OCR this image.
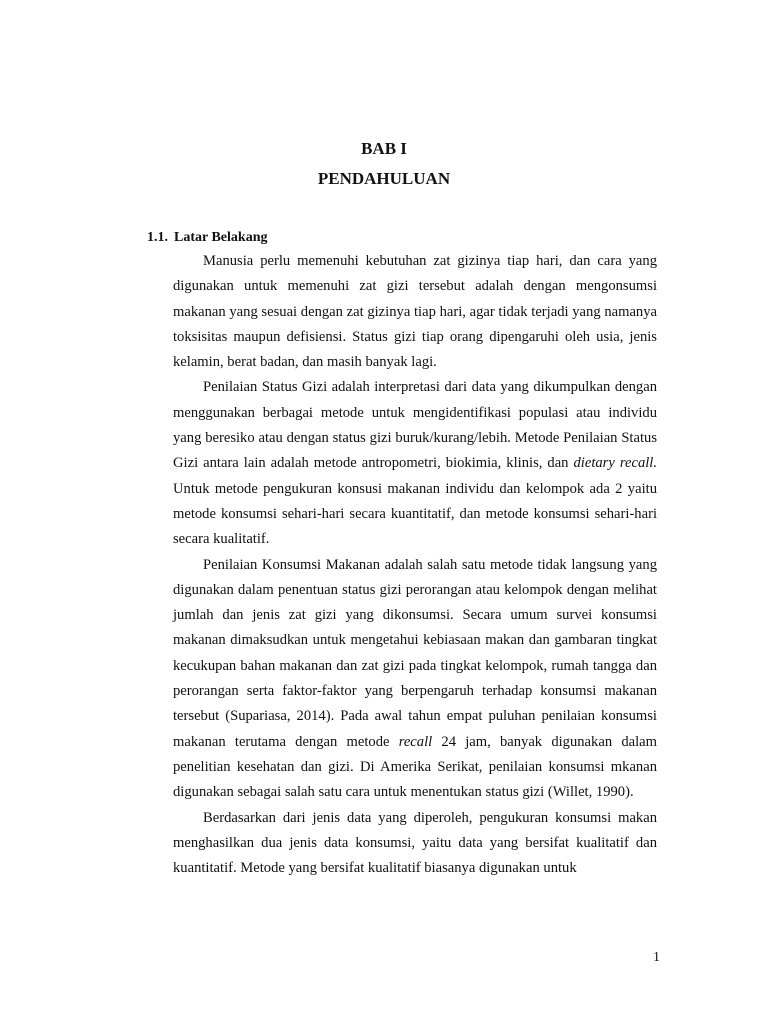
BAB I
PENDAHULUAN
1.1. Latar Belakang

Manusia perlu memenuhi kebutuhan zat gizinya tiap hari, dan cara yang digunakan untuk memenuhi zat gizi tersebut adalah dengan mengonsumsi makanan yang sesuai dengan zat gizinya tiap hari, agar tidak terjadi yang namanya toksisitas maupun defisiensi. Status gizi tiap orang dipengaruhi oleh usia, jenis kelamin, berat badan, dan masih banyak lagi.

Penilaian Status Gizi adalah interpretasi dari data yang dikumpulkan dengan menggunakan berbagai metode untuk mengidentifikasi populasi atau individu yang beresiko atau dengan status gizi buruk/kurang/lebih. Metode Penilaian Status Gizi antara lain adalah metode antropometri, biokimia, klinis, dan dietary recall. Untuk metode pengukuran konsusi makanan individu dan kelompok ada 2 yaitu metode konsumsi sehari-hari secara kuantitatif, dan metode konsumsi sehari-hari secara kualitatif.

Penilaian Konsumsi Makanan adalah salah satu metode tidak langsung yang digunakan dalam penentuan status gizi perorangan atau kelompok dengan melihat jumlah dan jenis zat gizi yang dikonsumsi. Secara umum survei konsumsi makanan dimaksudkan untuk mengetahui kebiasaan makan dan gambaran tingkat kecukupan bahan makanan dan zat gizi pada tingkat kelompok, rumah tangga dan perorangan serta faktor-faktor yang berpengaruh terhadap konsumsi makanan tersebut (Supariasa, 2014). Pada awal tahun empat puluhan penilaian konsumsi makanan terutama dengan metode recall 24 jam, banyak digunakan dalam penelitian kesehatan dan gizi. Di Amerika Serikat, penilaian konsumsi mkanan digunakan sebagai salah satu cara untuk menentukan status gizi (Willet, 1990).

Berdasarkan dari jenis data yang diperoleh, pengukuran konsumsi makan menghasilkan dua jenis data konsumsi, yaitu data yang bersifat kualitatif dan kuantitatif. Metode yang bersifat kualitatif biasanya digunakan untuk

1
